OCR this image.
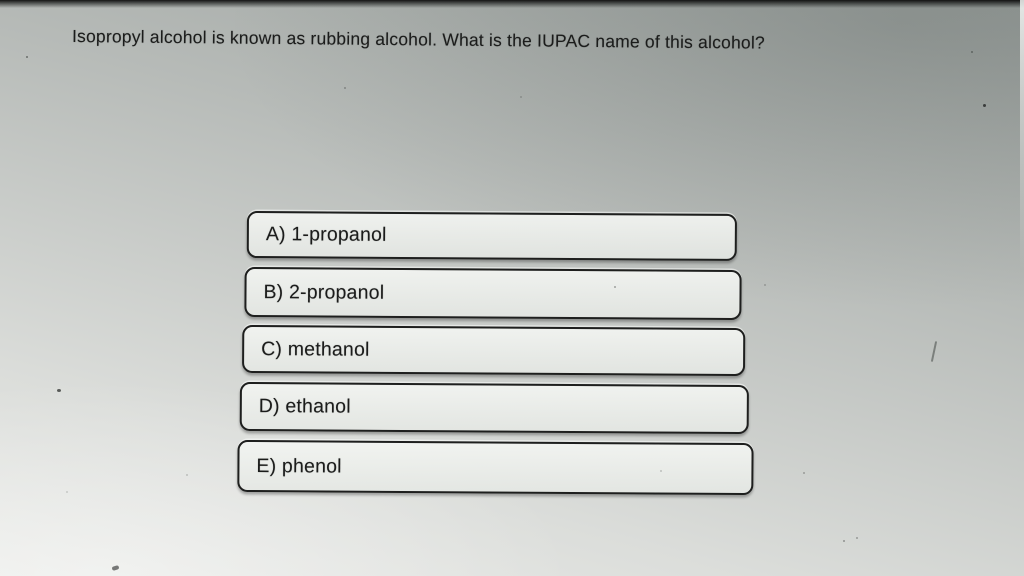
Isopropyl alcohol is known as rubbing alcohol. What is the IUPAC name of this alcohol?

A) 1-propanol
B) 2-propanol
C) methanol
D) ethanol
E) phenol
